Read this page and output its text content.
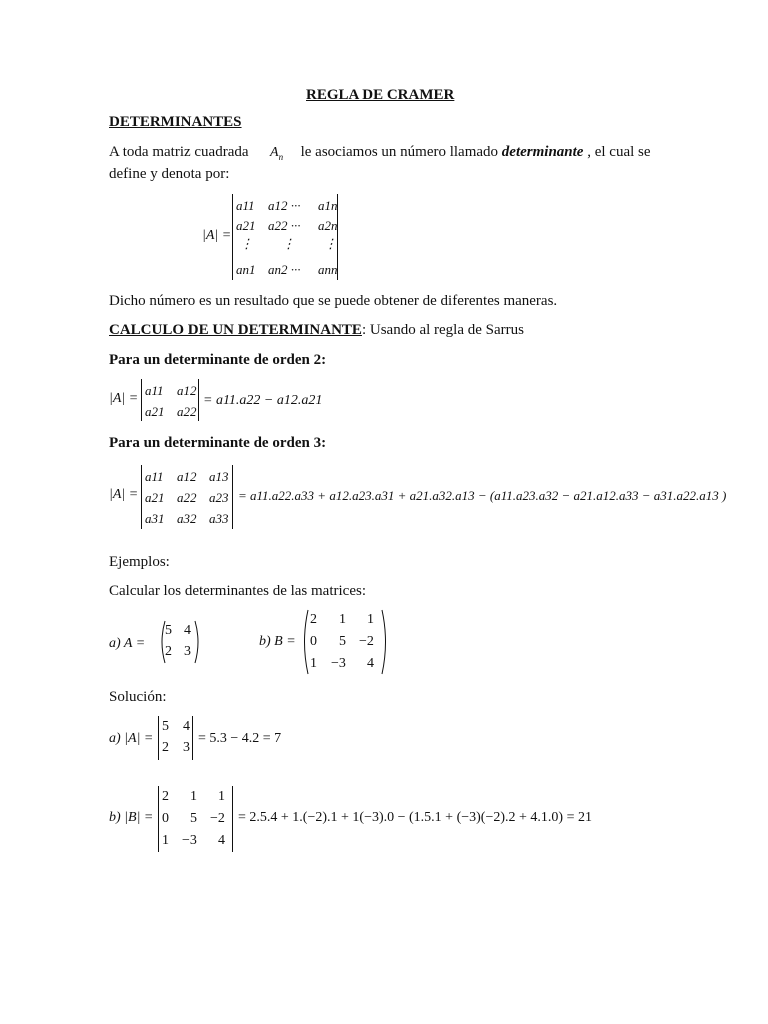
REGLA DE CRAMER
DETERMINANTES
A toda matriz cuadrada $A_n$ le asociamos un número llamado determinante , el cual se
define y denota por:
|A| =
a11 a12 ··· a1n
a21 a22 ··· a2n
⋮ ⋮ ⋮
an1 an2 ··· ann
Dicho número es un resultado que se puede obtener de diferentes maneras.
CALCULO DE UN DETERMINANTE: Usando al regla de Sarrus
Para un determinante de orden 2:
|A| =
a11 a12
a21 a22
= a11.a22 − a12.a21
Para un determinante de orden 3:
|A| =
a11 a12 a13
a21 a22 a23
a31 a32 a33
= a11.a22.a33 + a12.a23.a31 + a21.a32.a13 − (a11.a23.a32 − a21.a12.a33 − a31.a22.a13 )
Ejemplos:
Calcular los determinantes de las matrices:
a) A =
5 4
2 3
b) B =
2 1 1
0 5 −2
1 −3 4
Solución:
a) |A| =
5 4
2 3
= 5.3 − 4.2 = 7
b) |B| =
2 1 1
0 5 −2
1 −3 4
= 2.5.4 + 1.(−2).1 + 1(−3).0 − (1.5.1 + (−3)(−2).2 + 4.1.0) = 21
